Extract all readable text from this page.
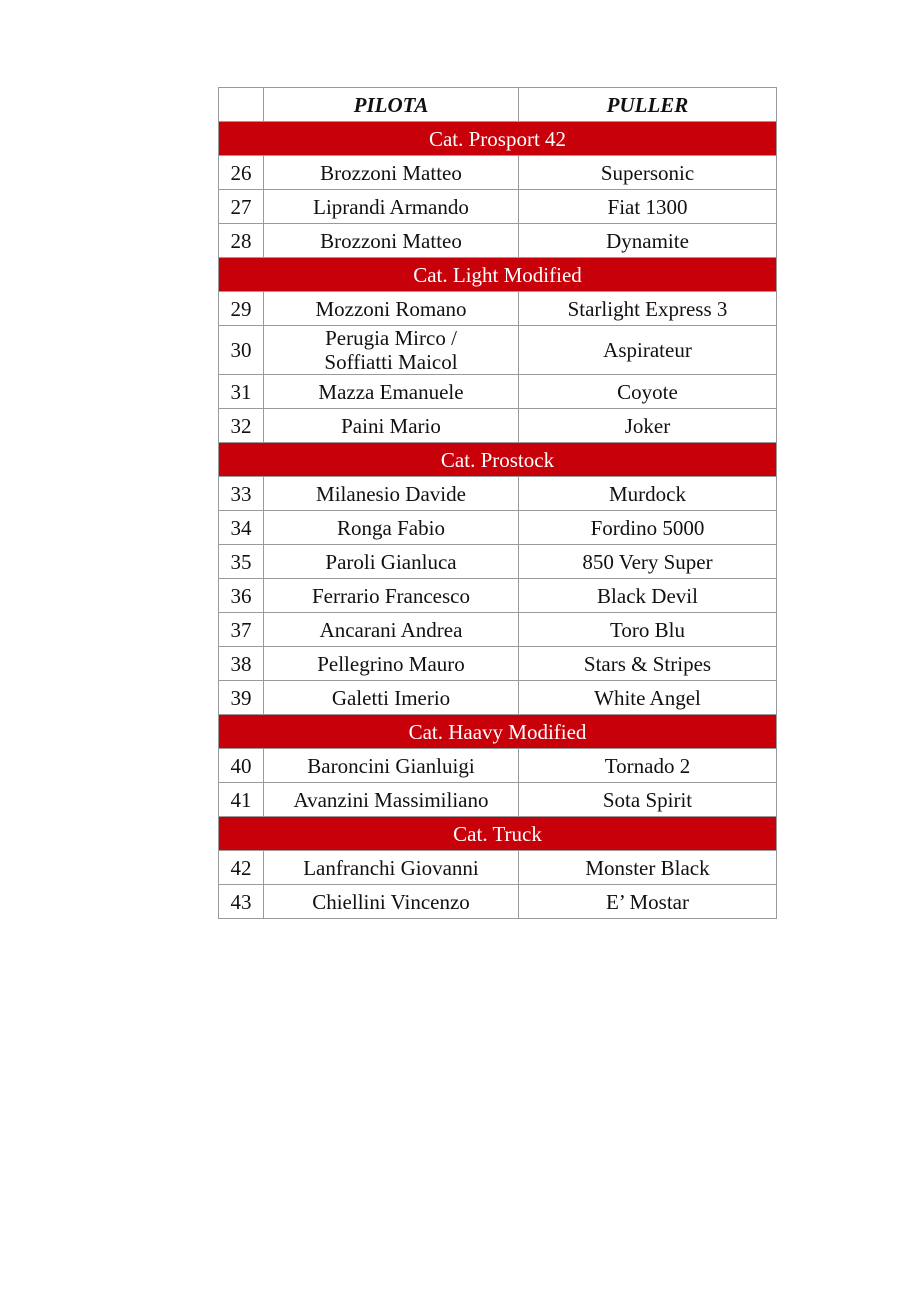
	PILOTA	PULLER
Cat. Prosport 42		
26	Brozzoni Matteo	Supersonic
27	Liprandi Armando	Fiat 1300
28	Brozzoni Matteo	Dynamite
Cat. Light Modified		
29	Mozzoni Romano	Starlight Express 3
30	Perugia Mirco /
Soffiatti Maicol	Aspirateur
31	Mazza Emanuele	Coyote
32	Paini Mario	Joker
Cat. Prostock		
33	Milanesio Davide	Murdock
34	Ronga Fabio	Fordino 5000
35	Paroli Gianluca	850 Very Super
36	Ferrario Francesco	Black Devil
37	Ancarani Andrea	Toro Blu
38	Pellegrino Mauro	Stars & Stripes
39	Galetti Imerio	White Angel
Cat. Haavy Modified		
40	Baroncini Gianluigi	Tornado 2
41	Avanzini Massimiliano	Sota Spirit
Cat. Truck		
42	Lanfranchi Giovanni	Monster Black
43	Chiellini Vincenzo	E’ Mostar
